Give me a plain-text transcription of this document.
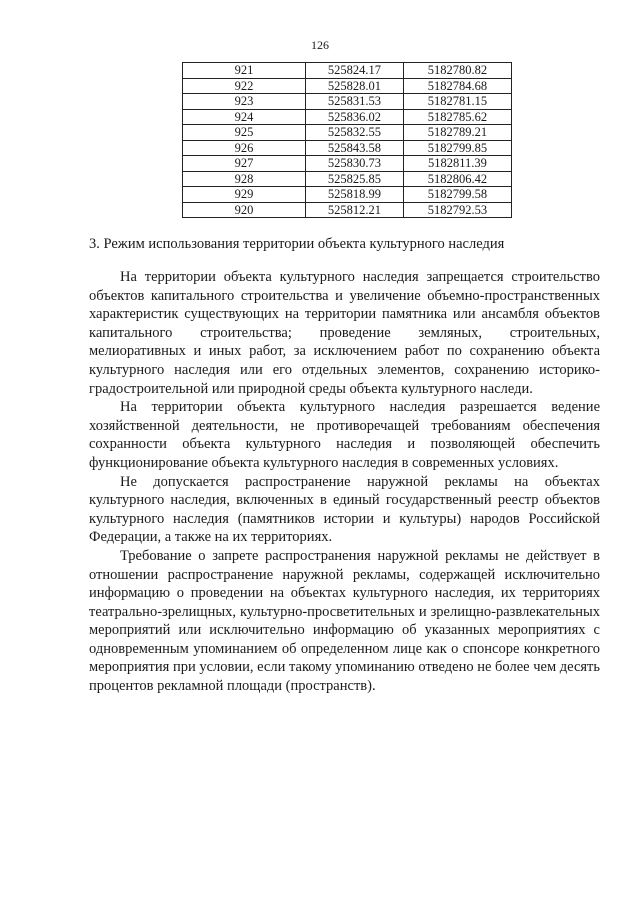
126
921	525824.17	5182780.82
922	525828.01	5182784.68
923	525831.53	5182781.15
924	525836.02	5182785.62
925	525832.55	5182789.21
926	525843.58	5182799.85
927	525830.73	5182811.39
928	525825.85	5182806.42
929	525818.99	5182799.58
920	525812.21	5182792.53
3. Режим использования территории объекта культурного наследия

На территории объекта культурного наследия запрещается строительство объектов капитального строительства и увеличение объемно-пространственных характеристик существующих на территории памятника или ансамбля объектов капитального строительства; проведение земляных, строительных, мелиоративных и иных работ, за исключением работ по сохранению объекта культурного наследия или его отдельных элементов, сохранению историко-градостроительной или природной среды объекта культурного наследи.

На территории объекта культурного наследия разрешается ведение хозяйственной деятельности, не противоречащей требованиям обеспечения сохранности объекта культурного наследия и позволяющей обеспечить функционирование объекта культурного наследия в современных условиях.

Не допускается распространение наружной рекламы на объектах культурного наследия, включенных в единый государственный реестр объектов культурного наследия (памятников истории и культуры) народов Российской Федерации, а также на их территориях.

Требование о запрете распространения наружной рекламы не действует в отношении распространение наружной рекламы, содержащей исключительно информацию о проведении на объектах культурного наследия, их территориях театрально-зрелищных, культурно-просветительных и зрелищно-развлекательных мероприятий или исключительно информацию об указанных мероприятиях с одновременным упоминанием об определенном лице как о спонсоре конкретного мероприятия при условии, если такому упоминанию отведено не более чем десять процентов рекламной площади (пространств).
